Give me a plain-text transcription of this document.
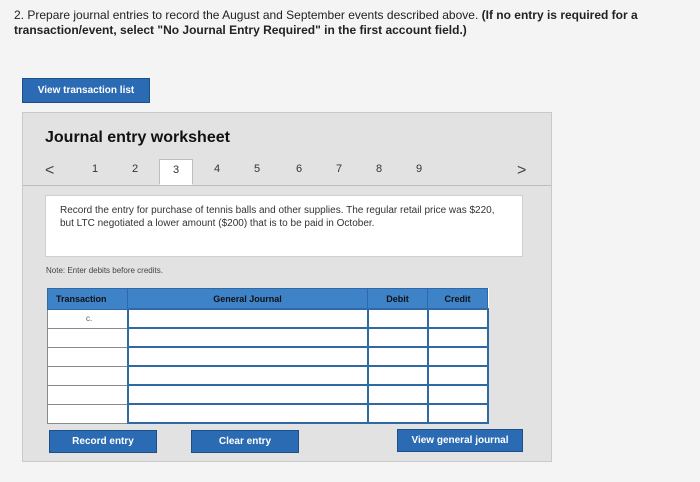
2. Prepare journal entries to record the August and September events described above. (If no entry is required for a transaction/event, select "No Journal Entry Required" in the first account field.)
View transaction list
Journal entry worksheet
<	1	2	3	4	5	6	7	8	9	>
Record the entry for purchase of tennis balls and other supplies. The regular retail price was $220, but LTC negotiated a lower amount ($200) that is to be paid in October.
Note: Enter debits before credits.
Transaction	General Journal	Debit	Credit
c.			

Record entry	Clear entry	View general journal
